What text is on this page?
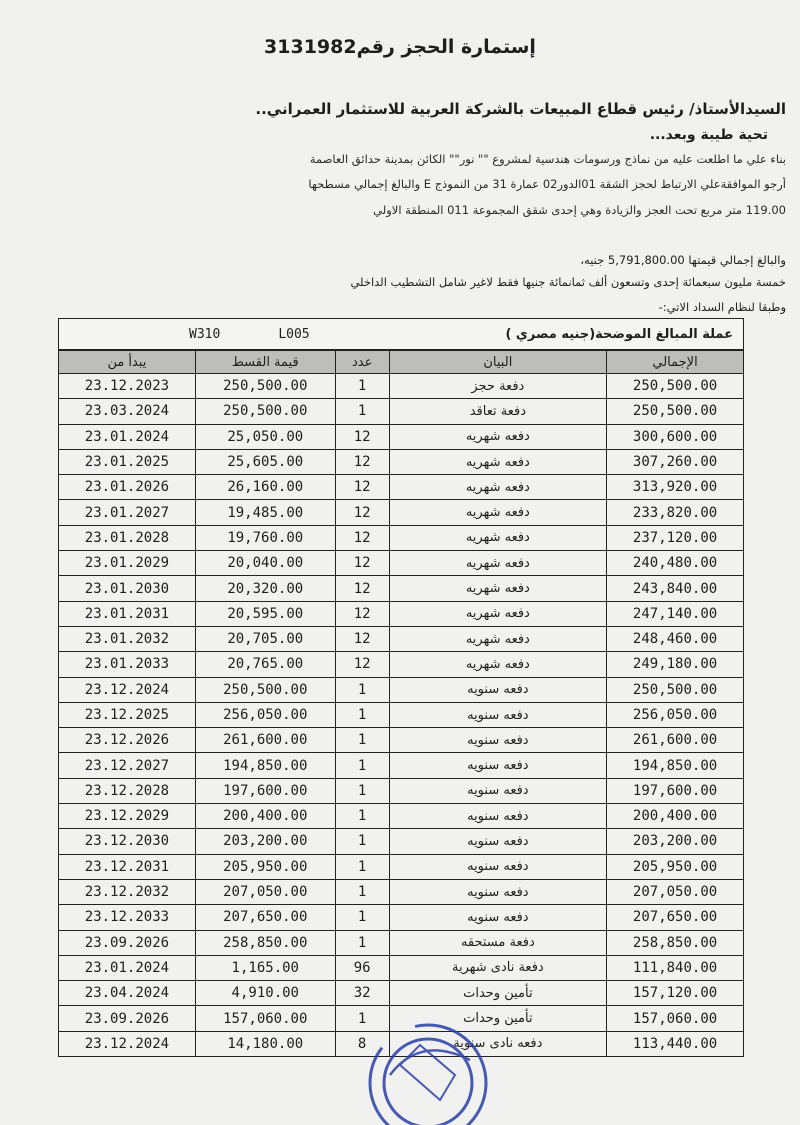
إستمارة الحجز رقم3131982
السيدالأستاذ/ رئيس قطاع المبيعات بالشركة العربية للاستثمار العمراني..
تحية طيبة وبعد...
بناء علي ما اطلعت عليه من نماذج ورسومات هندسية لمشروع "" نور"" الكائن بمدينة حدائق العاصمة
أرجو الموافقةعلي الارتباط لحجز الشقة 01الدور02 عمارة 31 من النموذج E والبالغ إجمالي مسطحها
119.00 متر مربع تحت العجز والزيادة وهي إحدى شقق المجموعة 011 المنطقة الاولي
والبالغ إجمالي قيمتها 5,791,800.00 جنيه،
خمسة مليون سبعمائة إحدى وتسعون ألف ثمانمائة جنيها فقط لاغير شامل التشطيب الداخلي
وطبقا لنظام السداد الاتي:-
W310	L005	عملة المبالغ الموضحة(جنيه مصري )
يبدأ من	قيمة القسط	عدد	البيان	الإجمالي
23.12.2023	250,500.00	1	دفعة حجز	250,500.00
23.03.2024	250,500.00	1	دفعة تعاقد	250,500.00
23.01.2024	25,050.00	12	دفعه شهريه	300,600.00
23.01.2025	25,605.00	12	دفعه شهريه	307,260.00
23.01.2026	26,160.00	12	دفعه شهريه	313,920.00
23.01.2027	19,485.00	12	دفعه شهريه	233,820.00
23.01.2028	19,760.00	12	دفعه شهريه	237,120.00
23.01.2029	20,040.00	12	دفعه شهريه	240,480.00
23.01.2030	20,320.00	12	دفعه شهريه	243,840.00
23.01.2031	20,595.00	12	دفعه شهريه	247,140.00
23.01.2032	20,705.00	12	دفعه شهريه	248,460.00
23.01.2033	20,765.00	12	دفعه شهريه	249,180.00
23.12.2024	250,500.00	1	دفعه سنويه	250,500.00
23.12.2025	256,050.00	1	دفعه سنويه	256,050.00
23.12.2026	261,600.00	1	دفعه سنويه	261,600.00
23.12.2027	194,850.00	1	دفعه سنويه	194,850.00
23.12.2028	197,600.00	1	دفعه سنويه	197,600.00
23.12.2029	200,400.00	1	دفعه سنويه	200,400.00
23.12.2030	203,200.00	1	دفعه سنويه	203,200.00
23.12.2031	205,950.00	1	دفعه سنويه	205,950.00
23.12.2032	207,050.00	1	دفعه سنويه	207,050.00
23.12.2033	207,650.00	1	دفعه سنويه	207,650.00
23.09.2026	258,850.00	1	دفعة مستحقه	258,850.00
23.01.2024	1,165.00	96	دفعة نادى شهرية	111,840.00
23.04.2024	4,910.00	32	تأمين وحدات	157,120.00
23.09.2026	157,060.00	1	تأمين وحدات	157,060.00
23.12.2024	14,180.00	8	دفعه نادى سنوية	113,440.00
